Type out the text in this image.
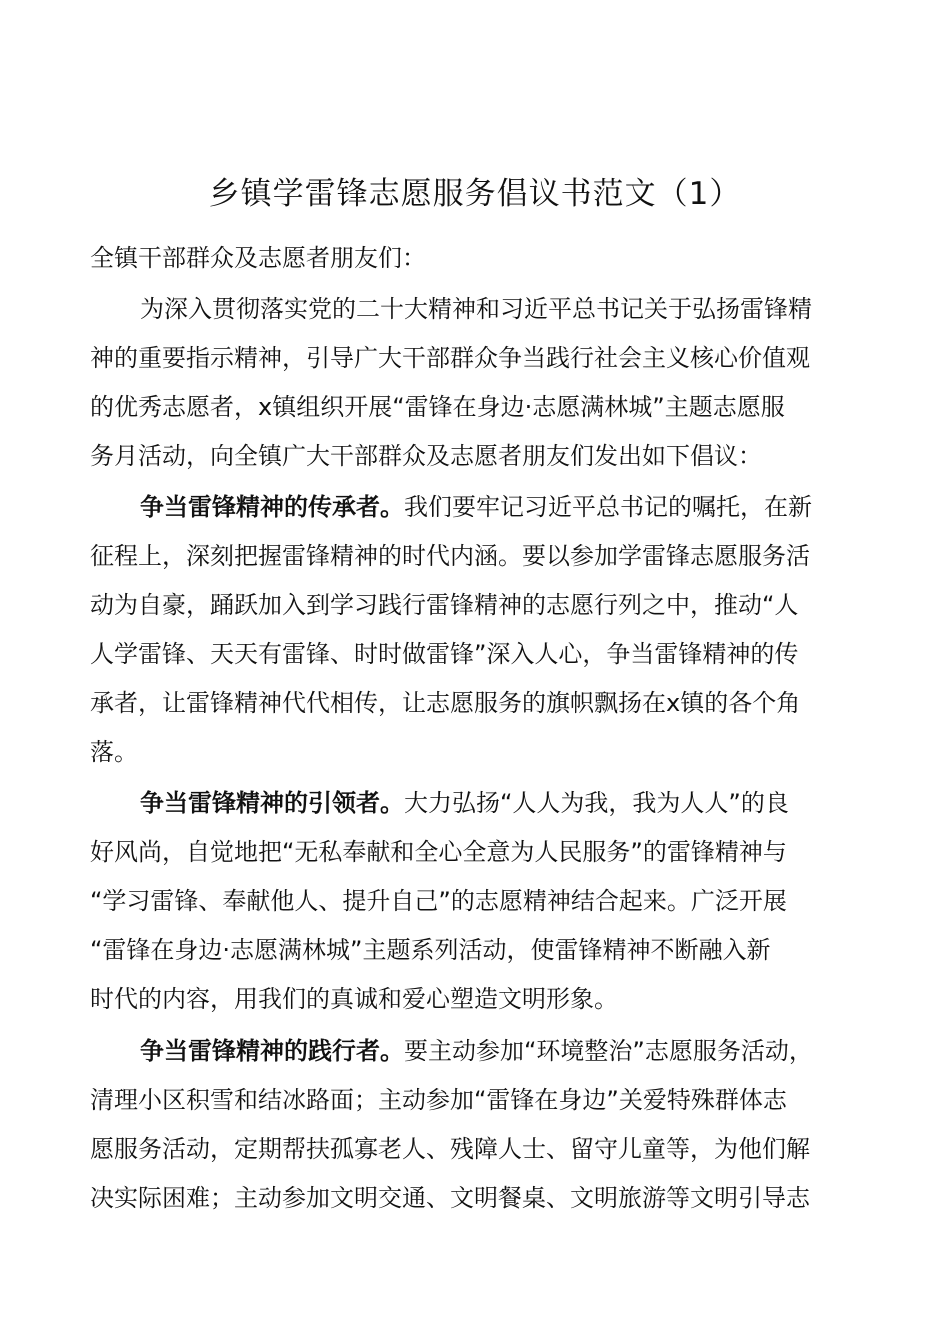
乡镇学雷锋志愿服务倡议书范文（1）
全镇干部群众及志愿者朋友们：
为深入贯彻落实党的二十大精神和习近平总书记关于弘扬雷锋精
神的重要指示精神，引导广大干部群众争当践行社会主义核心价值观
的优秀志愿者，x镇组织开展“雷锋在身边·志愿满林城”主题志愿服
务月活动，向全镇广大干部群众及志愿者朋友们发出如下倡议：
争当雷锋精神的传承者。我们要牢记习近平总书记的嘱托，在新
征程上，深刻把握雷锋精神的时代内涵。要以参加学雷锋志愿服务活
动为自豪，踊跃加入到学习践行雷锋精神的志愿行列之中，推动“人
人学雷锋、天天有雷锋、时时做雷锋”深入人心，争当雷锋精神的传
承者，让雷锋精神代代相传，让志愿服务的旗帜飘扬在x镇的各个角
落。
争当雷锋精神的引领者。大力弘扬“人人为我，我为人人”的良
好风尚，自觉地把“无私奉献和全心全意为人民服务”的雷锋精神与
“学习雷锋、奉献他人、提升自己”的志愿精神结合起来。广泛开展
“雷锋在身边·志愿满林城”主题系列活动，使雷锋精神不断融入新
时代的内容，用我们的真诚和爱心塑造文明形象。
争当雷锋精神的践行者。要主动参加“环境整治”志愿服务活动，
清理小区积雪和结冰路面；主动参加“雷锋在身边”关爱特殊群体志
愿服务活动，定期帮扶孤寡老人、残障人士、留守儿童等，为他们解
决实际困难；主动参加文明交通、文明餐桌、文明旅游等文明引导志
